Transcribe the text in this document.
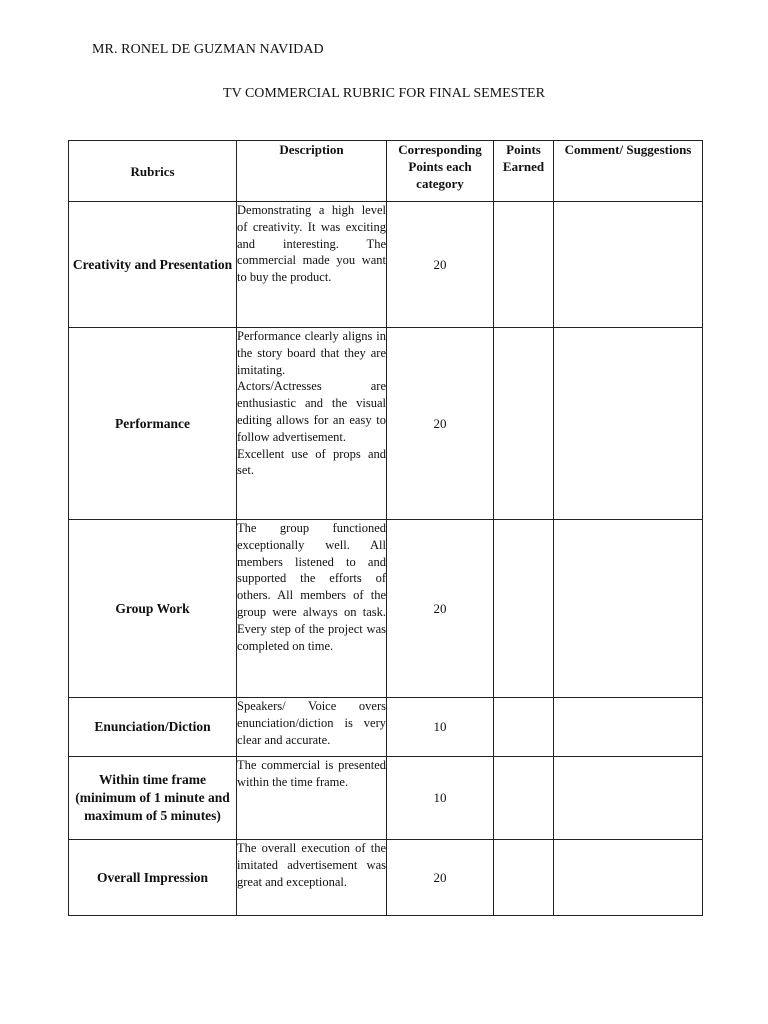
MR. RONEL DE GUZMAN NAVIDAD
TV COMMERCIAL RUBRIC FOR FINAL SEMESTER
Rubrics	Description	Corresponding Points each category	Points Earned	Comment/ Suggestions
Creativity and Presentation	Demonstrating a high level of creativity. It was exciting and interesting. The commercial made you want to buy the product.	20		
Performance	Performance clearly aligns in the story board that they are imitating.

Actors/Actresses are enthusiastic and the visual editing allows for an easy to follow advertisement.

Excellent use of props and set.	20		
Group Work	The group functioned exceptionally well. All members listened to and supported the efforts of others. All members of the group were always on task. Every step of the project was completed on time.	20		
Enunciation/Diction	Speakers/ Voice overs enunciation/diction is very clear and accurate.	10		
Within time frame (minimum of 1 minute and maximum of 5 minutes)	The commercial is presented within the time frame.	10		
Overall Impression	The overall execution of the imitated advertisement was great and exceptional.	20		
